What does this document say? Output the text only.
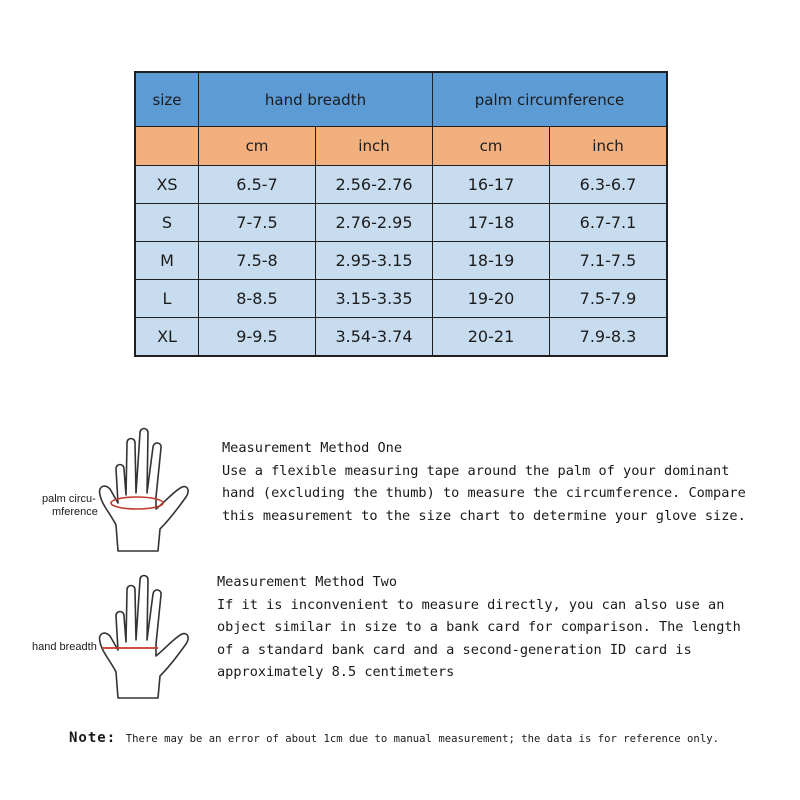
size	hand breadth		palm circumference	
	cm	inch	cm	inch
XS	6.5-7	2.56-2.76	16-17	6.3-6.7
S	7-7.5	2.76-2.95	17-18	6.7-7.1
M	7.5-8	2.95-3.15	18-19	7.1-7.5
L	8-8.5	3.15-3.35	19-20	7.5-7.9
XL	9-9.5	3.54-3.74	20-21	7.9-8.3
palm circu-
mference
Measurement Method One
Use a flexible measuring tape around the palm of your dominant hand (excluding the thumb) to measure the circumference. Compare this measurement to the size chart to determine your glove size.
hand breadth
Measurement Method Two
If it is inconvenient to measure directly, you can also use an object similar in size to a bank card for comparison. The length of a standard bank card and a second-generation ID card is approximately 8.5 centimeters
Note: There may be an error of about 1cm due to manual measurement; the data is for reference only.
